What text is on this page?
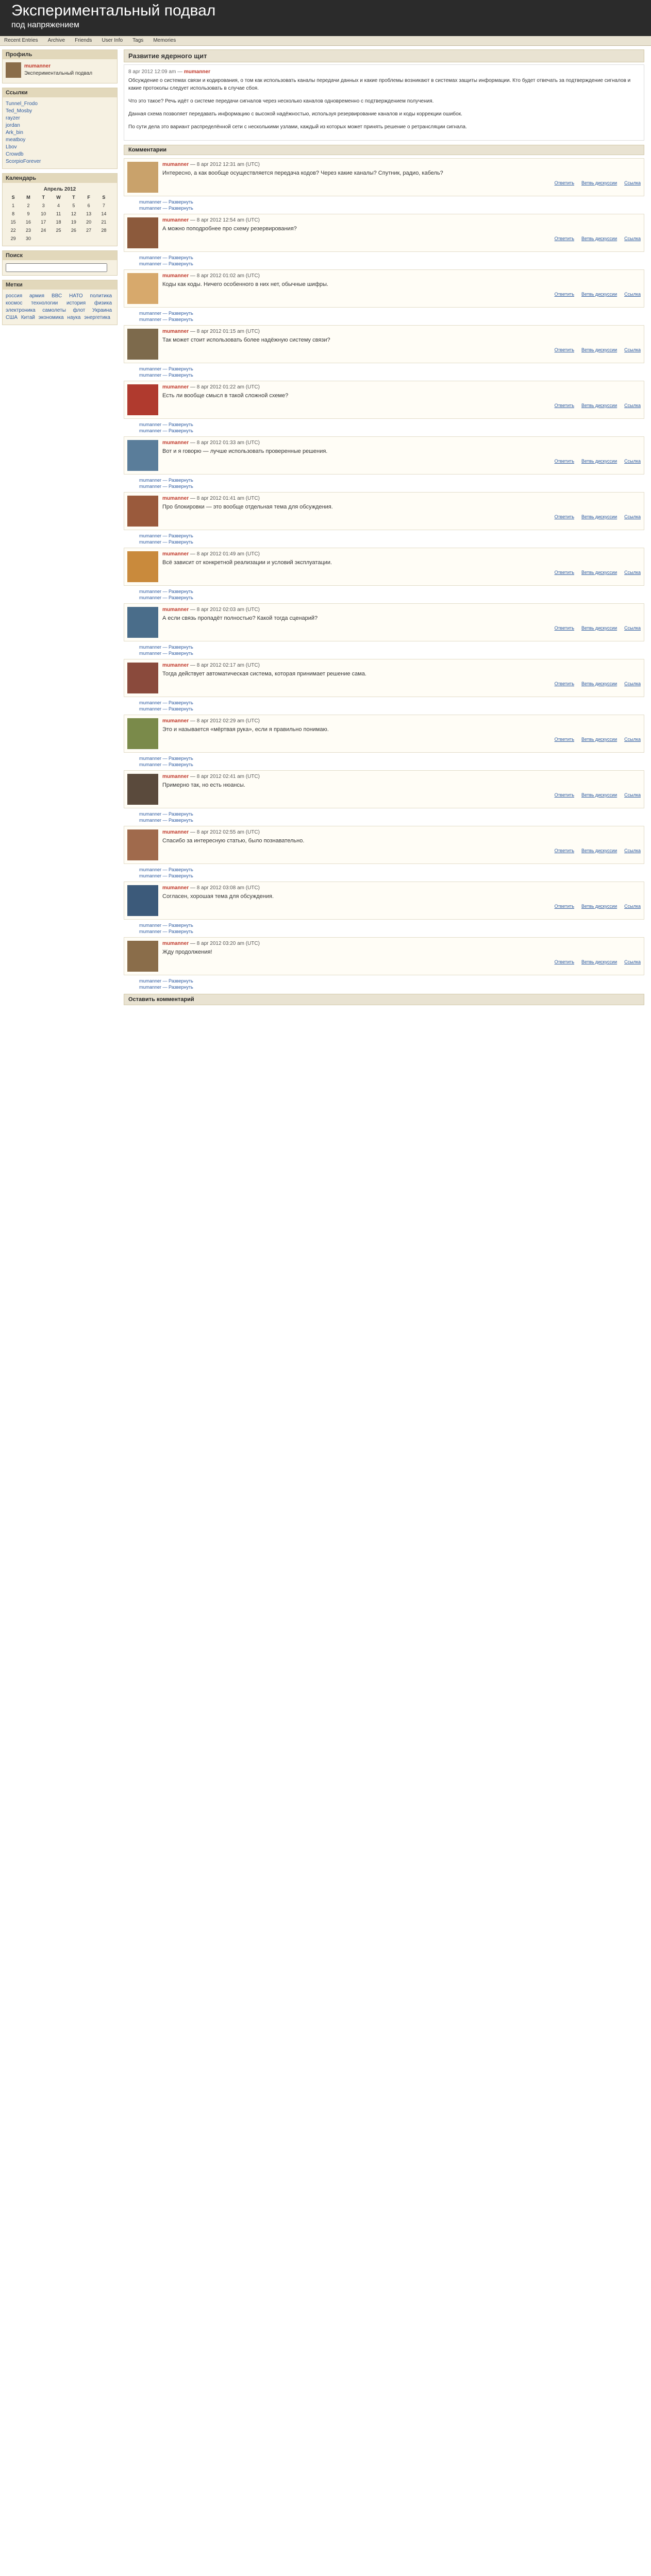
Экспериментальный подвал
под напряжением
Recent Entries Archive Friends User Info Tags Memories
Профиль
mumanner
Экспериментальный подвал
Ссылки
Tunnel_Frodo
Ted_Mosby
rayzer
jordan
Ark_bin
meatboy
Lbov
Crowdb
ScorpioForever
Календарь
Апрель 2012
S	M	T	W	T	F	S	
1	2	3	4	5	6	7	
8	9	10	11	12	13	14	
15	16	17	18	19	20	21	
22	23	24	25	26	27	28	
29	30						
Поиск
Метки
россия армия ВВС НАТО политика космос технологии история физика электроника самолеты флот Украина США Китай экономика наука энергетика
Развитие ядерного щит
8 apr 2012 12:09 am — mumanner
Обсуждение о системах связи и кодирования, о том как использовать каналы передачи данных и какие проблемы возникают в системах защиты информации. Кто будет отвечать за подтверждение сигналов и какие протоколы следует использовать в случае сбоя.

Что это такое? Речь идёт о системе передачи сигналов через несколько каналов одновременно с подтверждением получения.

Данная схема позволяет передавать информацию с высокой надёжностью, используя резервирование каналов и коды коррекции ошибок.

По сути дела это вариант распределённой сети с несколькими узлами, каждый из которых может принять решение о ретрансляции сигнала.

Комментарии
mumanner — 8 apr 2012 12:31 am (UTC)
Интересно, а как вообще осуществляется передача кодов? Через какие каналы? Спутник, радио, кабель?
Ответить Ветвь дискуссии Ссылка
mumanner — Развернуть
mumanner — Развернуть
mumanner — 8 apr 2012 12:54 am (UTC)
А можно поподробнее про схему резервирования?
Ответить Ветвь дискуссии Ссылка
mumanner — Развернуть
mumanner — Развернуть
mumanner — 8 apr 2012 01:02 am (UTC)
Коды как коды. Ничего особенного в них нет, обычные шифры.
Ответить Ветвь дискуссии Ссылка
mumanner — Развернуть
mumanner — Развернуть
mumanner — 8 apr 2012 01:15 am (UTC)
Так может стоит использовать более надёжную систему связи?
Ответить Ветвь дискуссии Ссылка
mumanner — Развернуть
mumanner — Развернуть
mumanner — 8 apr 2012 01:22 am (UTC)
Есть ли вообще смысл в такой сложной схеме?
Ответить Ветвь дискуссии Ссылка
mumanner — Развернуть
mumanner — Развернуть
mumanner — 8 apr 2012 01:33 am (UTC)
Вот и я говорю — лучше использовать проверенные решения.
Ответить Ветвь дискуссии Ссылка
mumanner — Развернуть
mumanner — Развернуть
mumanner — 8 apr 2012 01:41 am (UTC)
Про блокировки — это вообще отдельная тема для обсуждения.
Ответить Ветвь дискуссии Ссылка
mumanner — Развернуть
mumanner — Развернуть
mumanner — 8 apr 2012 01:49 am (UTC)
Всё зависит от конкретной реализации и условий эксплуатации.
Ответить Ветвь дискуссии Ссылка
mumanner — Развернуть
mumanner — Развернуть
mumanner — 8 apr 2012 02:03 am (UTC)
А если связь пропадёт полностью? Какой тогда сценарий?
Ответить Ветвь дискуссии Ссылка
mumanner — Развернуть
mumanner — Развернуть
mumanner — 8 apr 2012 02:17 am (UTC)
Тогда действует автоматическая система, которая принимает решение сама.
Ответить Ветвь дискуссии Ссылка
mumanner — Развернуть
mumanner — Развернуть
mumanner — 8 apr 2012 02:29 am (UTC)
Это и называется «мёртвая рука», если я правильно понимаю.
Ответить Ветвь дискуссии Ссылка
mumanner — Развернуть
mumanner — Развернуть
mumanner — 8 apr 2012 02:41 am (UTC)
Примерно так, но есть нюансы.
Ответить Ветвь дискуссии Ссылка
mumanner — Развернуть
mumanner — Развернуть
mumanner — 8 apr 2012 02:55 am (UTC)
Спасибо за интересную статью, было познавательно.
Ответить Ветвь дискуссии Ссылка
mumanner — Развернуть
mumanner — Развернуть
mumanner — 8 apr 2012 03:08 am (UTC)
Согласен, хорошая тема для обсуждения.
Ответить Ветвь дискуссии Ссылка
mumanner — Развернуть
mumanner — Развернуть
mumanner — 8 apr 2012 03:20 am (UTC)
Жду продолжения!
Ответить Ветвь дискуссии Ссылка
mumanner — Развернуть
mumanner — Развернуть
Оставить комментарий
